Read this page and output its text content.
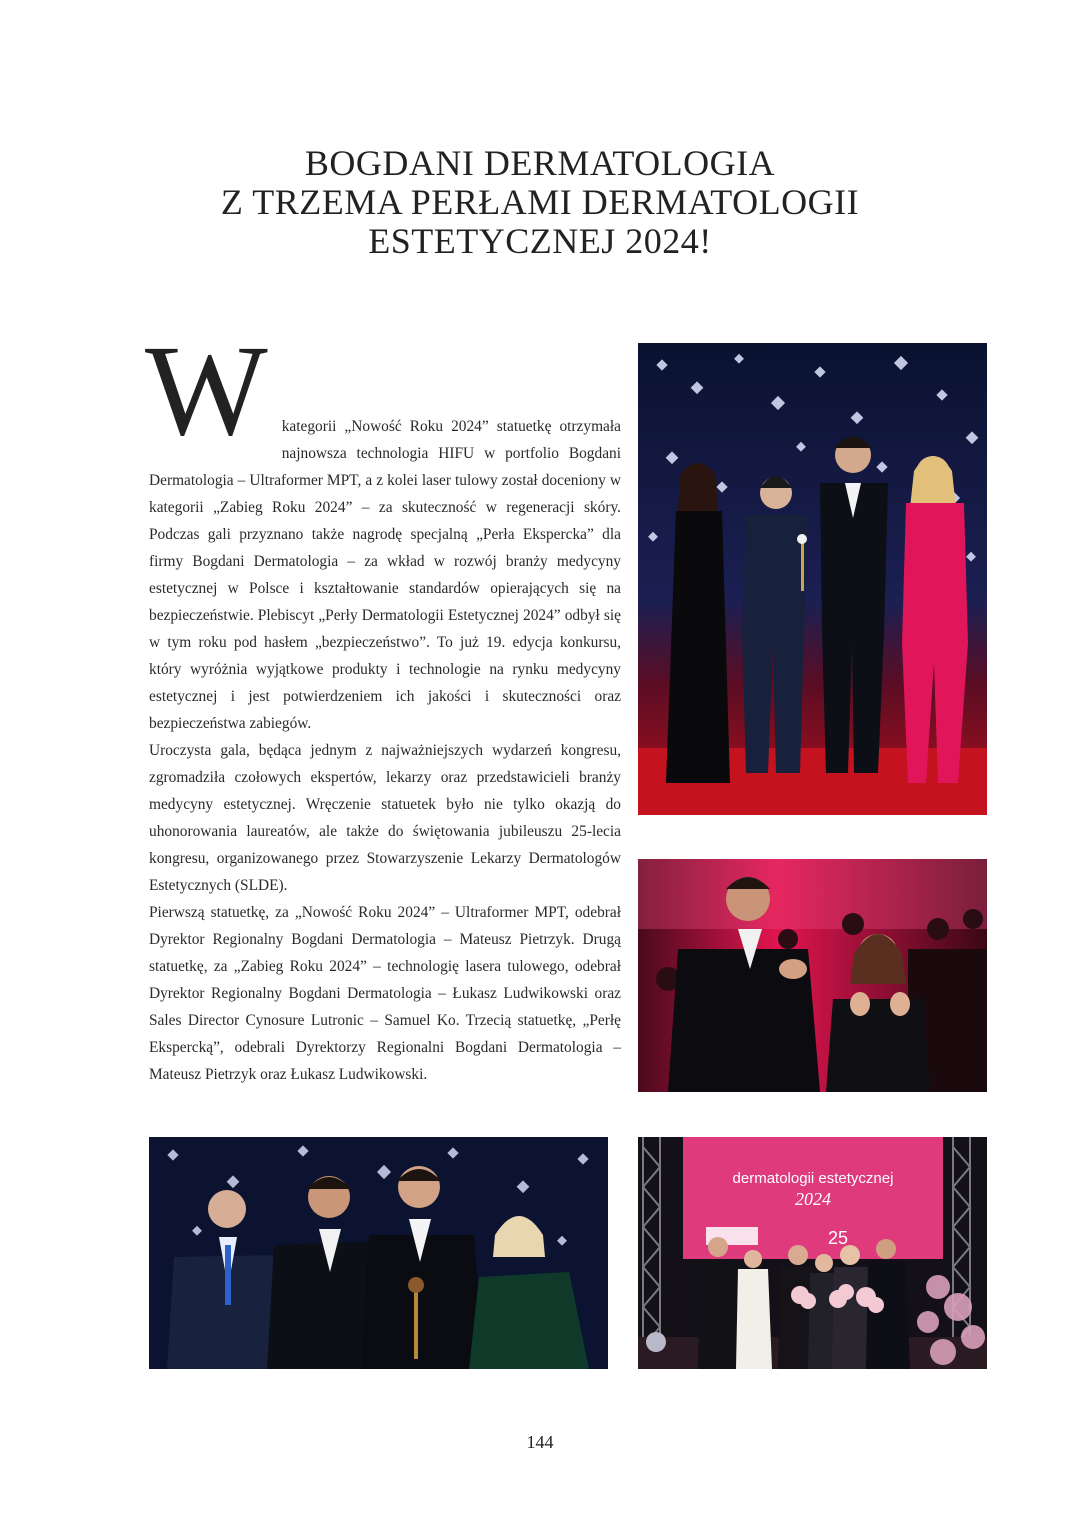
BOGDANI DERMATOLOGIA
Z TRZEMA PERŁAMI DERMATOLOGII
ESTETYCZNEJ 2024!
W kategorii „Nowość Roku 2024” statuetkę otrzymała najnowsza technologia HIFU w portfolio Bogdani Dermatologia – Ultraformer MPT, a z kolei laser tulowy został doceniony w kategorii „Zabieg Roku 2024” – za skuteczność w regeneracji skóry. Podczas gali przyznano także nagrodę specjalną „Perła Ekspercka” dla firmy Bogdani Dermatologia – za wkład w rozwój branży medycyny estetycznej w Polsce i kształtowanie standardów opierających się na bezpieczeństwie. Plebiscyt „Perły Dermatologii Estetycznej 2024” odbył się w tym roku pod hasłem „bezpieczeństwo”. To już 19. edycja konkursu, który wyróżnia wyjątkowe produkty i technologie na rynku medycyny estetycznej i jest potwierdzeniem ich jakości i skuteczności oraz bezpieczeństwa zabiegów.

Uroczysta gala, będąca jednym z najważniejszych wydarzeń kongresu, zgromadziła czołowych ekspertów, lekarzy oraz przedstawicieli branży medycyny estetycznej. Wręczenie statuetek było nie tylko okazją do uhonorowania laureatów, ale także do świętowania jubileuszu 25-lecia kongresu, organizowanego przez Stowarzyszenie Lekarzy Dermatologów Estetycznych (SLDE).

Pierwszą statuetkę, za „Nowość Roku 2024” – Ultraformer MPT, odebrał Dyrektor Regionalny Bogdani Dermatologia – Mateusz Pietrzyk. Drugą statuetkę, za „Zabieg Roku 2024” – technologię lasera tulowego, odebrał Dyrektor Regionalny Bogdani Dermatologia – Łukasz Ludwikowski oraz Sales Director Cynosure Lutronic – Samuel Ko. Trzecią statuetkę, „Perłę Ekspercką”, odebrali Dyrektorzy Regionalni Bogdani Dermatologia – Mateusz Pietrzyk oraz Łukasz Ludwikowski.

dermatologii estetycznej
2024
25
144
